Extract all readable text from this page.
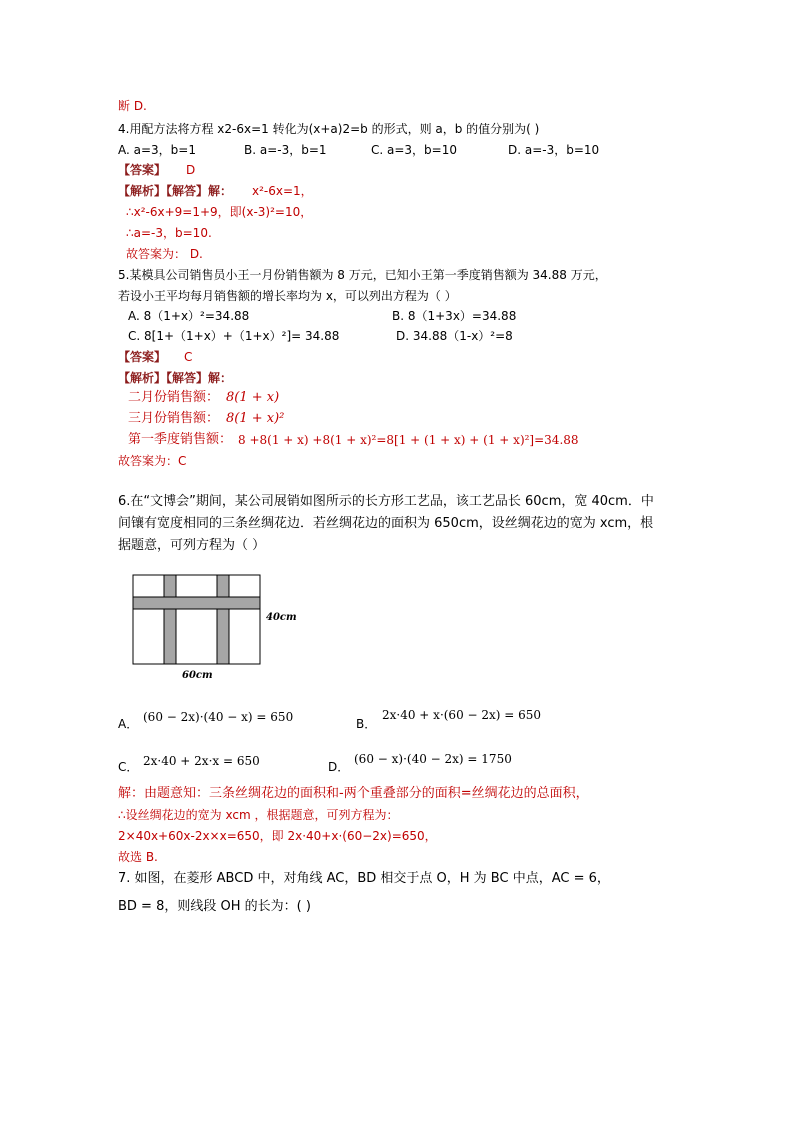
断 D.
4.用配方法将方程 x2-6x=1 转化为(x+a)2=b 的形式，则 a，b 的值分别为( )
A. a=3，b=1	B. a=-3，b=1	C. a=3，b=10	D. a=-3，b=10
【答案】 D
【解析】【解答】解： x²-6x=1，
∴x²-6x+9=1+9，即(x-3)²=10，
∴a=-3，b=10.
故答案为： D.
5.某模具公司销售员小王一月份销售额为 8 万元，已知小王第一季度销售额为 34.88 万元，
若设小王平均每月销售额的增长率均为 x，可以列出方程为（ ）
A. 8（1+x）²=34.88	B. 8（1+3x）=34.88
C. 8[1+（1+x）+（1+x）²]= 34.88	D. 34.88（1-x）²=8
【答案】 C
【解析】【解答】解：
二月份销售额： 8(1 + x)
三月份销售额： 8(1 + x)²
第一季度销售额： 8 +8(1 + x) +8(1 + x)²=8[1 + (1 + x) + (1 + x)²]=34.88
故答案为：C
6.在“文博会”期间，某公司展销如图所示的长方形工艺品，该工艺品长 60cm，宽 40cm．中
间镶有宽度相同的三条丝绸花边．若丝绸花边的面积为 650cm，设丝绸花边的宽为 xcm，根
据题意，可列方程为（ ）
40cm
60cm
A． (60 − 2x)·(40 − x) = 650	B．
2x·40 + x·(60 − 2x) = 650
C． 2x·40 + 2x·x = 650	D．
(60 − x)·(40 − 2x) = 1750
解：由题意知：三条丝绸花边的面积和-两个重叠部分的面积=丝绸花边的总面积，
∴设丝绸花边的宽为 xcm ，根据题意，可列方程为：
2×40x+60x-2x×x=650，即 2x·40+x·(60−2x)=650，
故选 B.
7. 如图，在菱形 ABCD 中，对角线 AC，BD 相交于点 O，H 为 BC 中点，AC = 6，
BD = 8，则线段 OH 的长为：( )
